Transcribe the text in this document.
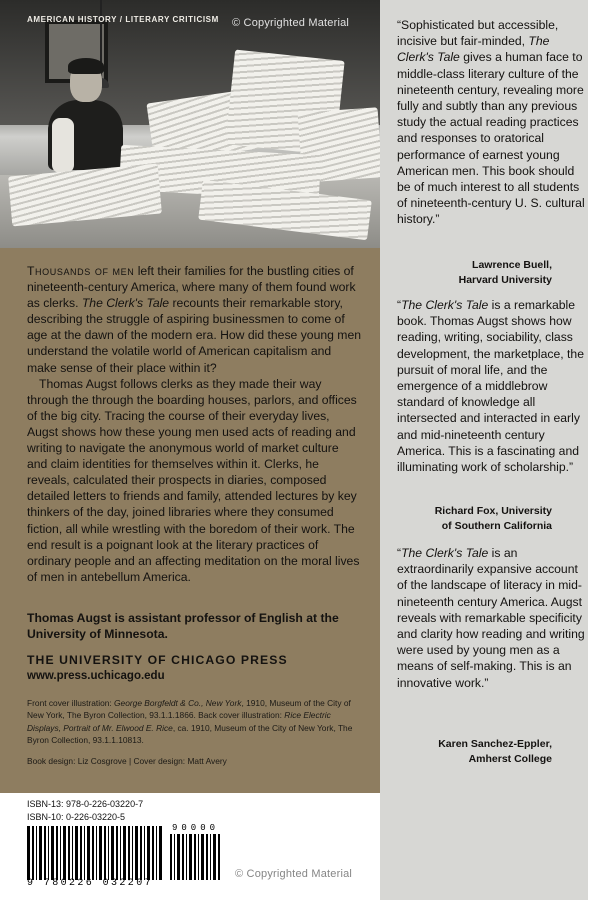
AMERICAN HISTORY / LITERARY CRITICISM © Copyrighted Material

Thousands of men left their families for the bustling cities of nineteenth-century America, where many of them found work as clerks. The Clerk's Tale recounts their remarkable story, describing the struggle of aspiring businessmen to come of age at the dawn of the modern era. How did these young men understand the volatile world of American capitalism and make sense of their place within it?

Thomas Augst follows clerks as they made their way through the through the boarding houses, parlors, and offices of the big city. Tracing the course of their everyday lives, Augst shows how these young men used acts of reading and writing to navigate the anonymous world of market culture and claim identities for themselves within it. Clerks, he reveals, calculated their prospects in diaries, composed detailed letters to friends and family, attended lectures by key thinkers of the day, joined libraries where they consumed fiction, all while wrestling with the boredom of their work. The end result is a poignant look at the literary practices of ordinary people and an affecting meditation on the moral lives of men in antebellum America.

Thomas Augst is assistant professor of English at the University of Minnesota.
THE UNIVERSITY OF CHICAGO PRESS
www.press.uchicago.edu

Front cover illustration: George Borgfeldt & Co., New York, 1910, Museum of the City of New York, The Byron Collection, 93.1.1.1866. Back cover illustration: Rice Electric Displays, Portrait of Mr. Elwood E. Rice, ca. 1910, Museum of the City of New York, The Byron Collection, 93.1.1.10813.

Book design: Liz Cosgrove | Cover design: Matt Avery
ISBN-13: 978-0-226-03220-7
ISBN-10: 0-226-03220-5
90000
9 780226 032207
© Copyrighted Material
“Sophisticated but accessible, incisive but fair-minded, The Clerk's Tale gives a human face to middle-class literary culture of the nineteenth century, revealing more fully and subtly than any previous study the actual reading practices and responses to oratorical performance of earnest young American men. This book should be of much interest to all students of nineteenth-century U. S. cultural history.”
Lawrence Buell,
Harvard University
“The Clerk's Tale is a remarkable book. Thomas Augst shows how reading, writing, sociability, class development, the marketplace, the pursuit of moral life, and the emergence of a middlebrow standard of knowledge all intersected and interacted in early and mid-nineteenth century America. This is a fascinating and illuminating work of scholarship.”
Richard Fox, University
of Southern California
“The Clerk's Tale is an extraordinarily expansive account of the landscape of literacy in mid-nineteenth century America. Augst reveals with remarkable specificity and clarity how reading and writing were used by young men as a means of self-making. This is an innovative work.”
Karen Sanchez-Eppler,
Amherst College
